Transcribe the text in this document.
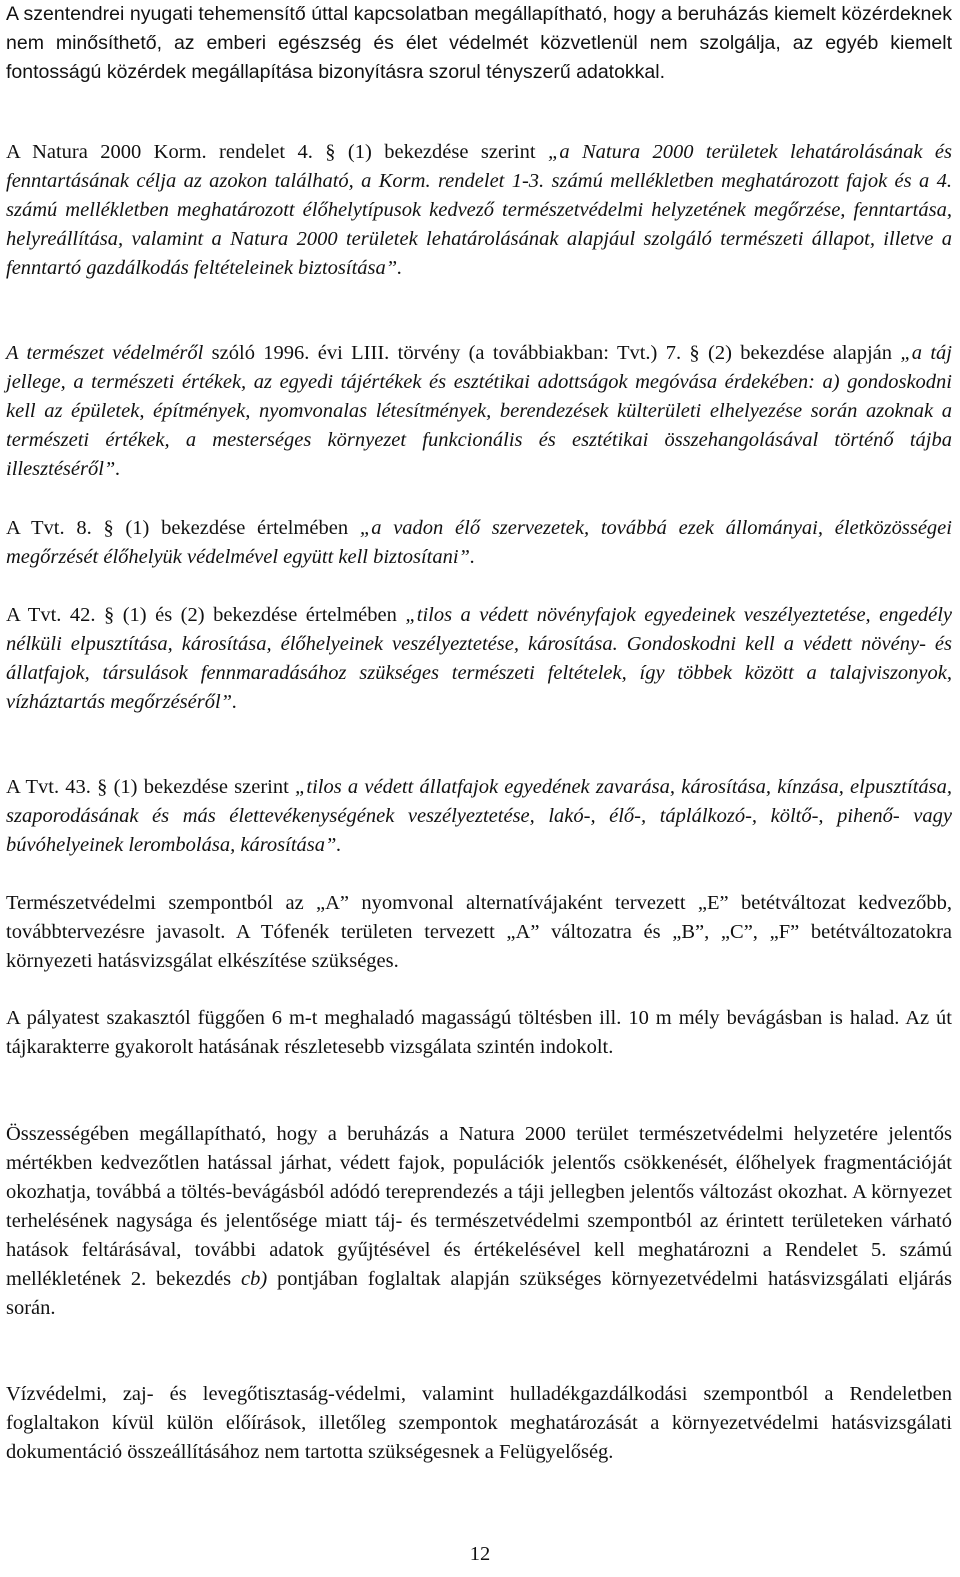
A szentendrei nyugati tehemensítő úttal kapcsolatban megállapítható, hogy a beruházás kiemelt közérdeknek nem minősíthető, az emberi egészség és élet védelmét közvetlenül nem szolgálja, az egyéb kiemelt fontosságú közérdek megállapítása bizonyításra szorul tényszerű adatokkal.

A Natura 2000 Korm. rendelet 4. § (1) bekezdése szerint „a Natura 2000 területek lehatárolásának és fenntartásának célja az azokon található, a Korm. rendelet 1-3. számú mellékletben meghatározott fajok és a 4. számú mellékletben meghatározott élőhelytípusok kedvező természetvédelmi helyzetének megőrzése, fenntartása, helyreállítása, valamint a Natura 2000 területek lehatárolásának alapjául szolgáló természeti állapot, illetve a fenntartó gazdálkodás feltételeinek biztosítása”.

A természet védelméről szóló 1996. évi LIII. törvény (a továbbiakban: Tvt.) 7. § (2) bekezdése alapján „a táj jellege, a természeti értékek, az egyedi tájértékek és esztétikai adottságok megóvása érdekében: a) gondoskodni kell az épületek, építmények, nyomvonalas létesítmények, berendezések külterületi elhelyezése során azoknak a természeti értékek, a mesterséges környezet funkcionális és esztétikai összehangolásával történő tájba illesztéséről”.

A Tvt. 8. § (1) bekezdése értelmében „a vadon élő szervezetek, továbbá ezek állományai, életközösségei megőrzését élőhelyük védelmével együtt kell biztosítani”.

A Tvt. 42. § (1) és (2) bekezdése értelmében „tilos a védett növényfajok egyedeinek veszélyeztetése, engedély nélküli elpusztítása, károsítása, élőhelyeinek veszélyeztetése, károsítása. Gondoskodni kell a védett növény- és állatfajok, társulások fennmaradásához szükséges természeti feltételek, így többek között a talajviszonyok, vízháztartás megőrzéséről”.

A Tvt. 43. § (1) bekezdése szerint „tilos a védett állatfajok egyedének zavarása, károsítása, kínzása, elpusztítása, szaporodásának és más élettevékenységének veszélyeztetése, lakó-, élő-, táplálkozó-, költő-, pihenő- vagy búvóhelyeinek lerombolása, károsítása”.

Természetvédelmi szempontból az „A” nyomvonal alternatívájaként tervezett „E” betétváltozat kedvezőbb, továbbtervezésre javasolt. A Tófenék területen tervezett „A” változatra és „B”, „C”, „F” betétváltozatokra környezeti hatásvizsgálat elkészítése szükséges.

A pályatest szakasztól függően 6 m-t meghaladó magasságú töltésben ill. 10 m mély bevágásban is halad. Az út tájkarakterre gyakorolt hatásának részletesebb vizsgálata szintén indokolt.

Összességében megállapítható, hogy a beruházás a Natura 2000 terület természetvédelmi helyzetére jelentős mértékben kedvezőtlen hatással járhat, védett fajok, populációk jelentős csökkenését, élőhelyek fragmentációját okozhatja, továbbá a töltés-bevágásból adódó tereprendezés a táji jellegben jelentős változást okozhat. A környezet terhelésének nagysága és jelentősége miatt táj- és természetvédelmi szempontból az érintett területeken várható hatások feltárásával, további adatok gyűjtésével és értékelésével kell meghatározni a Rendelet 5. számú mellékletének 2. bekezdés cb) pontjában foglaltak alapján szükséges környezetvédelmi hatásvizsgálati eljárás során.

Vízvédelmi, zaj- és levegőtisztaság-védelmi, valamint hulladékgazdálkodási szempontból a Rendeletben foglaltakon kívül külön előírások, illetőleg szempontok meghatározását a környezetvédelmi hatásvizsgálati dokumentáció összeállításához nem tartotta szükségesnek a Felügyelőség.

12
